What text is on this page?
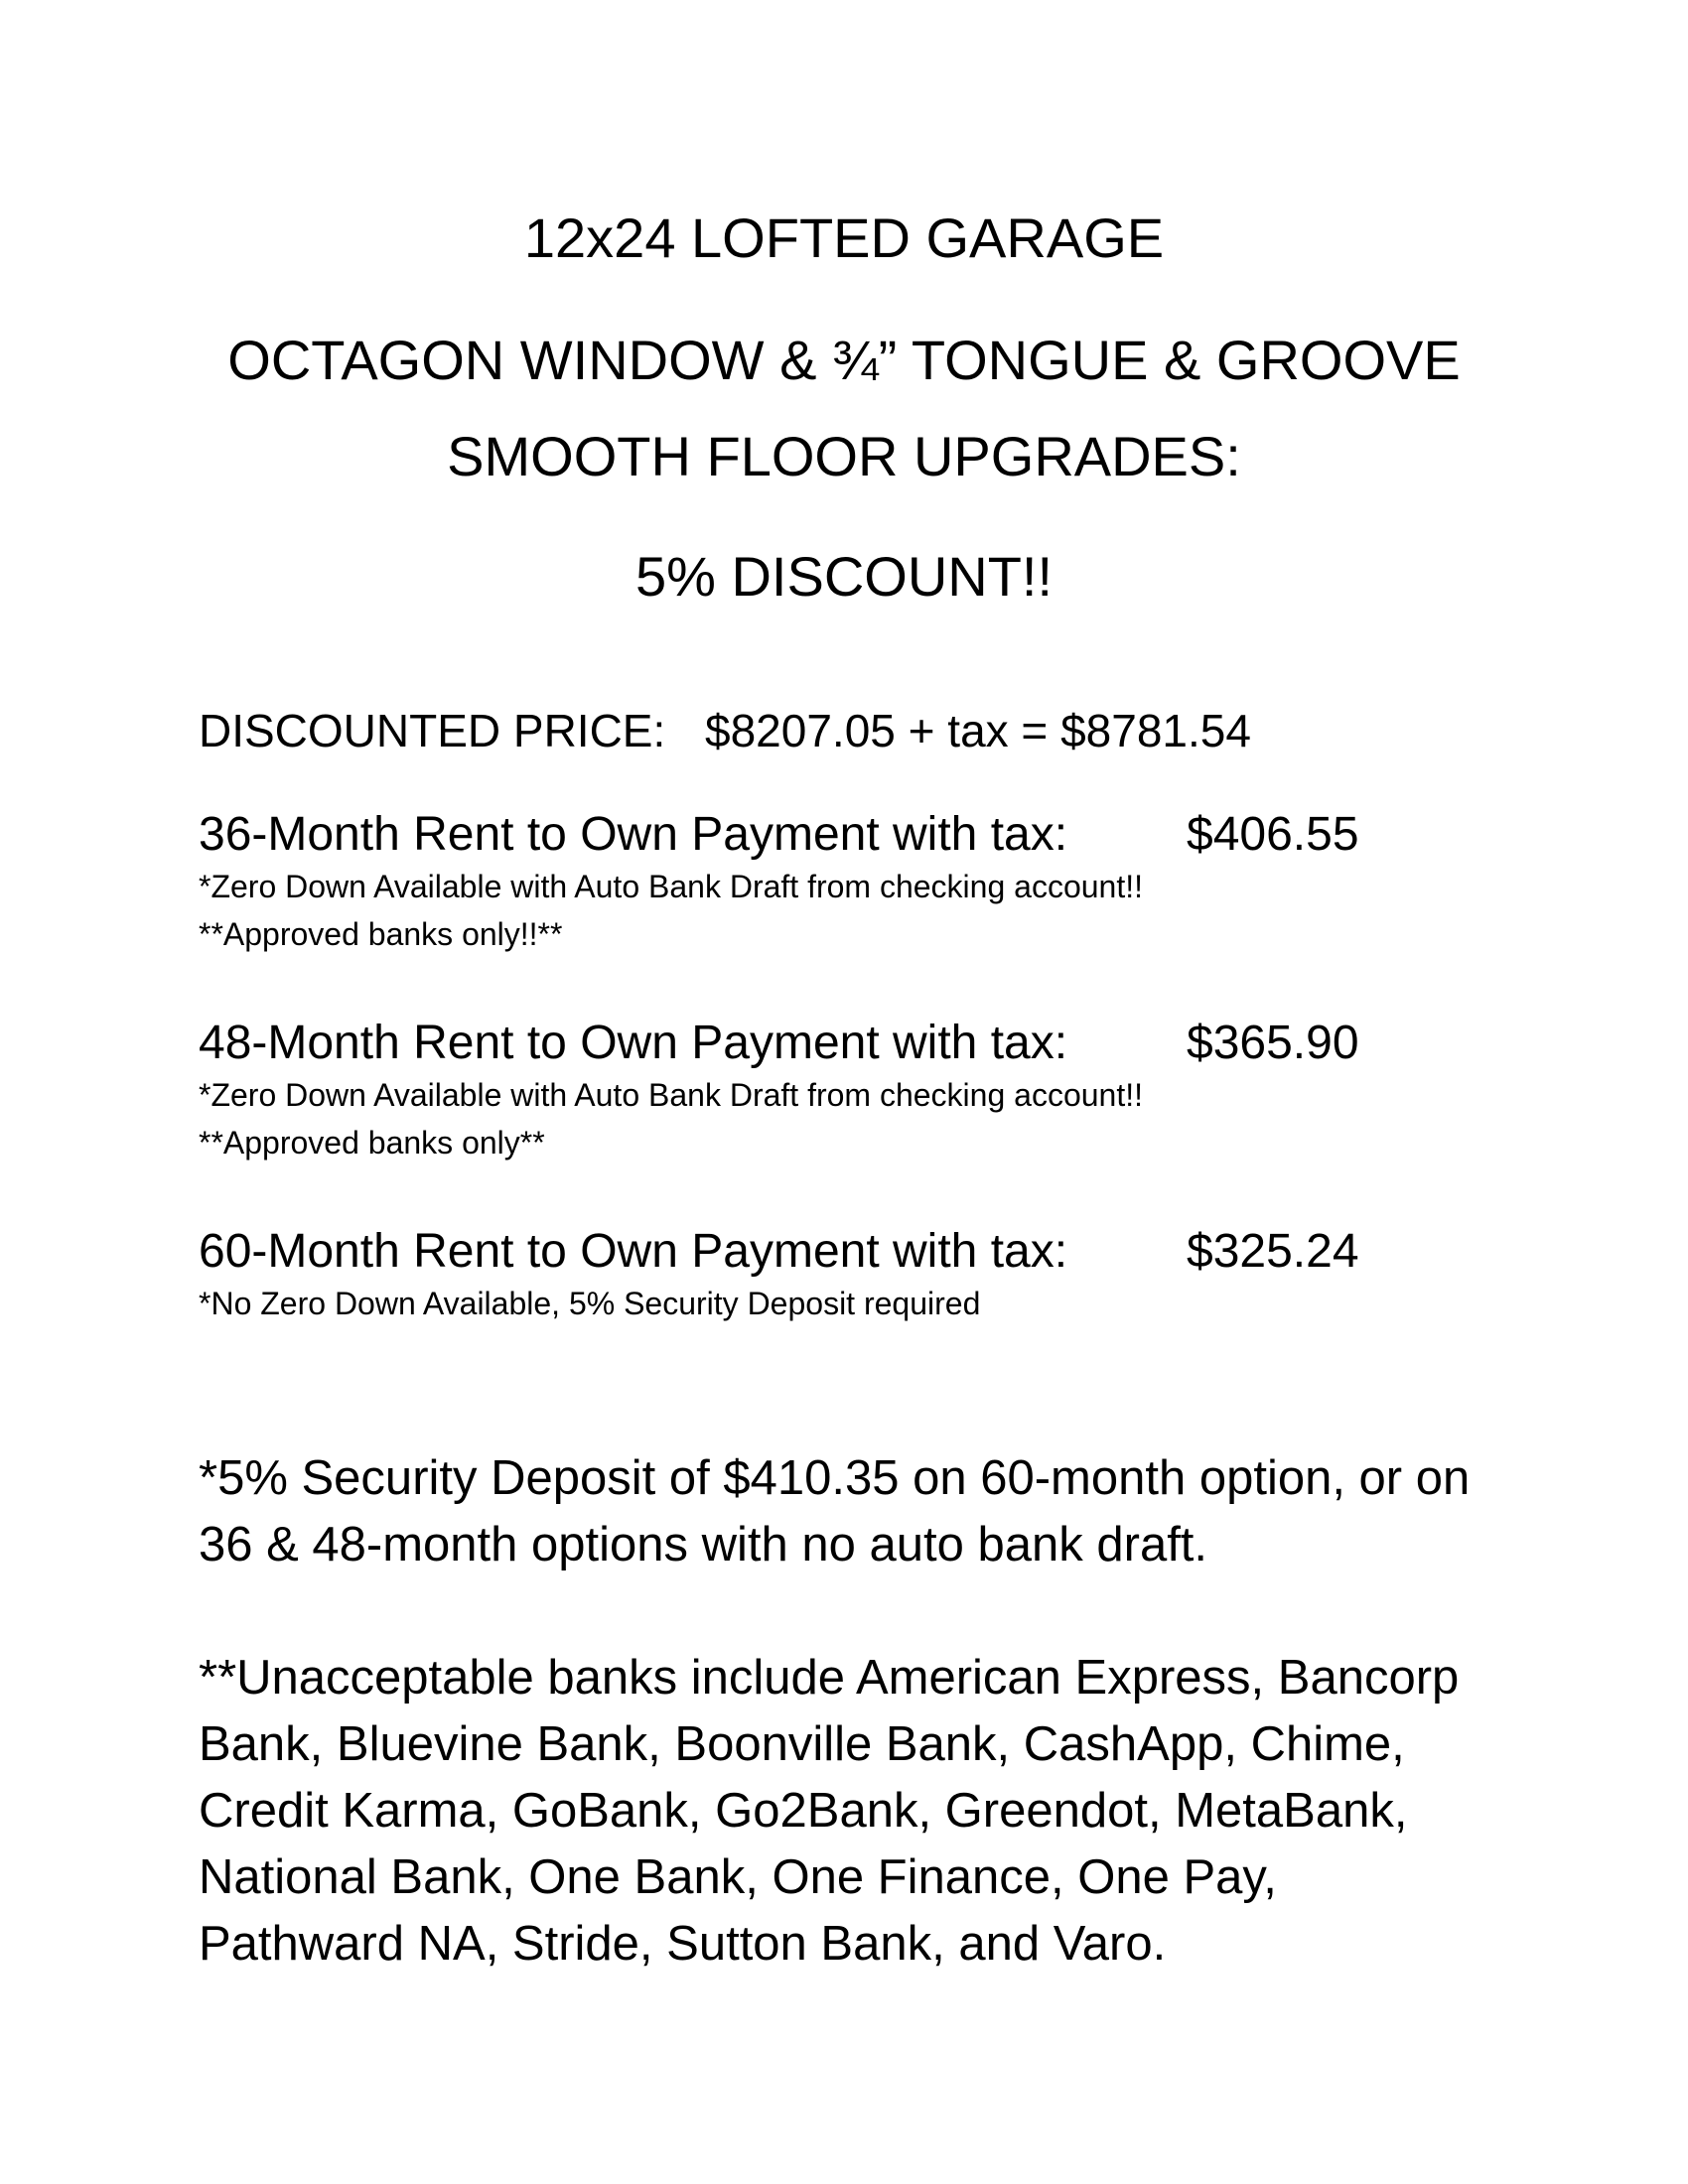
12x24 LOFTED GARAGE
OCTAGON WINDOW & ¾” TONGUE & GROOVE
SMOOTH FLOOR UPGRADES:
5% DISCOUNT!!
DISCOUNTED PRICE: $8207.05 + tax = $8781.54
36-Month Rent to Own Payment with tax: $406.55
*Zero Down Available with Auto Bank Draft from checking account!!
**Approved banks only!!**
48-Month Rent to Own Payment with tax: $365.90
*Zero Down Available with Auto Bank Draft from checking account!!
**Approved banks only**
60-Month Rent to Own Payment with tax: $325.24
*No Zero Down Available, 5% Security Deposit required
*5% Security Deposit of $410.35 on 60-month option, or on 36 & 48-month options with no auto bank draft.
**Unacceptable banks include American Express, Bancorp Bank, Bluevine Bank, Boonville Bank, CashApp, Chime, Credit Karma, GoBank, Go2Bank, Greendot, MetaBank, National Bank, One Bank, One Finance, One Pay, Pathward NA, Stride, Sutton Bank, and Varo.
